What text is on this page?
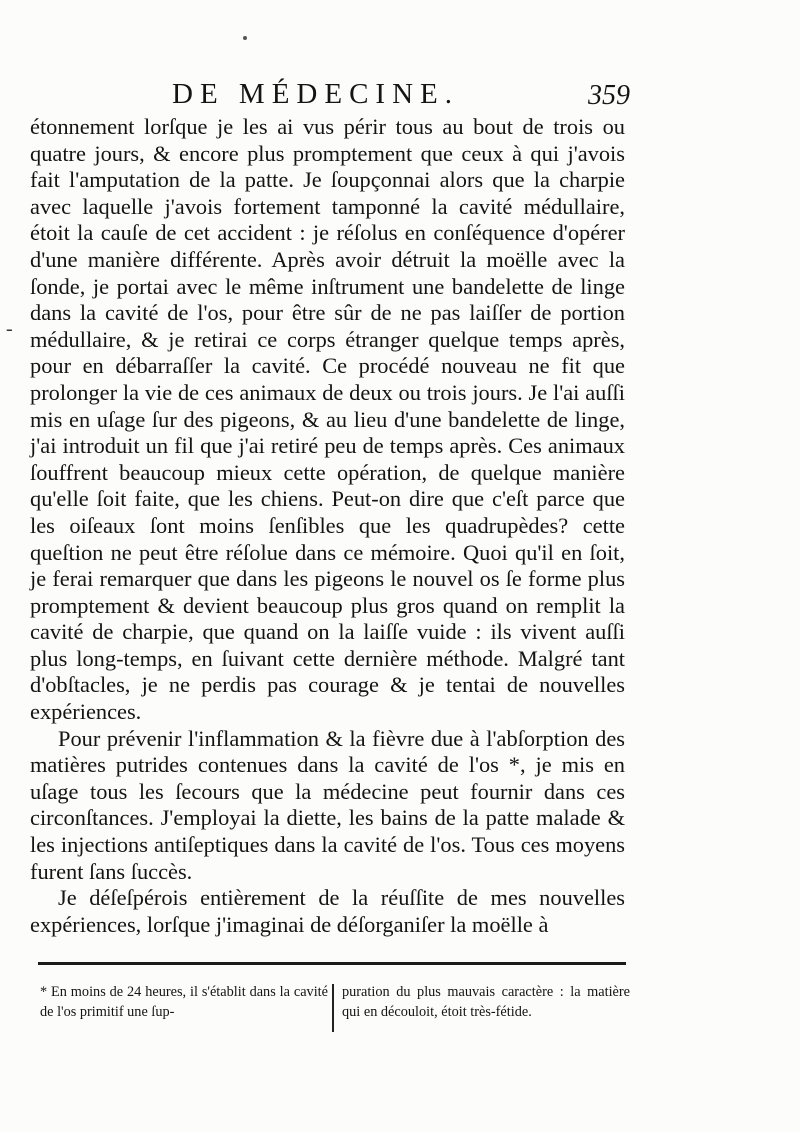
DE MÉDECINE.	359
-

étonnement lorſque je les ai vus périr tous au bout de trois ou quatre jours, & encore plus promptement que ceux à qui j'avois fait l'amputation de la patte. Je ſoupçonnai alors que la charpie avec laquelle j'avois fortement tamponné la cavité médullaire, étoit la cauſe de cet accident : je réſolus en conſéquence d'opérer d'une manière différente. Après avoir détruit la moëlle avec la ſonde, je portai avec le même inſtrument une bandelette de linge dans la cavité de l'os, pour être sûr de ne pas laiſſer de portion médullaire, & je retirai ce corps étranger quelque temps après, pour en débarraſſer la cavité. Ce procédé nouveau ne fit que prolonger la vie de ces animaux de deux ou trois jours. Je l'ai auſſi mis en uſage ſur des pigeons, & au lieu d'une bandelette de linge, j'ai introduit un fil que j'ai retiré peu de temps après. Ces animaux ſouffrent beaucoup mieux cette opération, de quelque manière qu'elle ſoit faite, que les chiens. Peut-on dire que c'eſt parce que les oiſeaux ſont moins ſenſibles que les quadrupèdes? cette queſtion ne peut être réſolue dans ce mémoire. Quoi qu'il en ſoit, je ferai remarquer que dans les pigeons le nouvel os ſe forme plus promptement & devient beaucoup plus gros quand on remplit la cavité de charpie, que quand on la laiſſe vuide : ils vivent auſſi plus long-temps, en ſuivant cette dernière méthode. Malgré tant d'obſtacles, je ne perdis pas courage & je tentai de nouvelles expériences.

Pour prévenir l'inflammation & la fièvre due à l'abſorption des matières putrides contenues dans la cavité de l'os *, je mis en uſage tous les ſecours que la médecine peut fournir dans ces circonſtances. J'employai la diette, les bains de la patte malade & les injections antiſeptiques dans la cavité de l'os. Tous ces moyens furent ſans ſuccès.

Je déſeſpérois entièrement de la réuſſite de mes nouvelles expériences, lorſque j'imaginai de déſorganiſer la moëlle à

* En moins de 24 heures, il s'établit dans la cavité de l'os primitif une ſup-
puration du plus mauvais caractère : la matière qui en découloit, étoit très-fétide.
